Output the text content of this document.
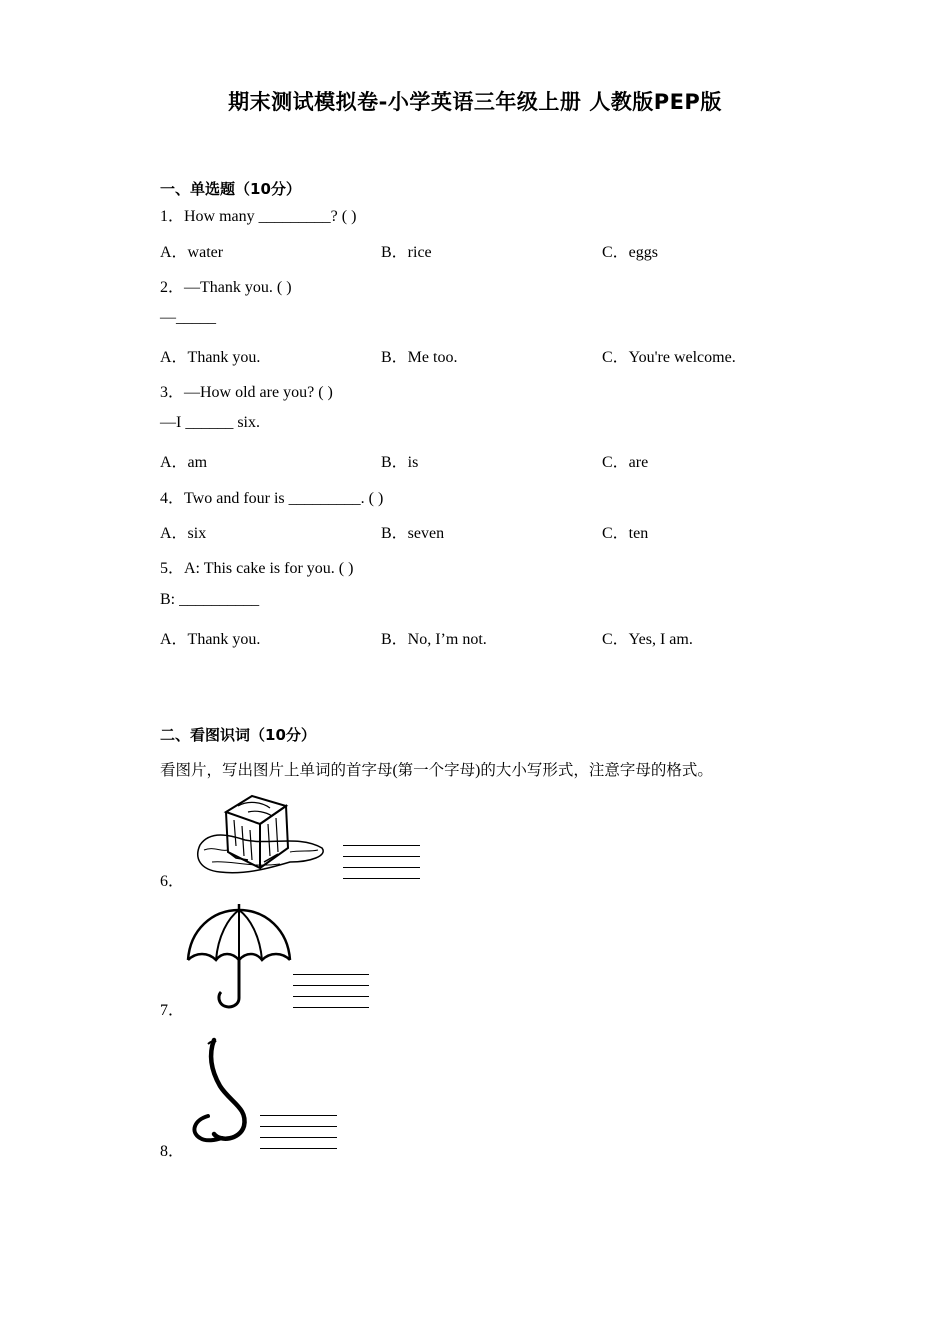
期末测试模拟卷-小学英语三年级上册 人教版PEP版
一、单选题（10分）
1．How many _________? ( )
A．water	B．rice	C．eggs
2．—Thank you. ( )
—_____
A．Thank you.	B．Me too.	C．You're welcome.
3．—How old are you? ( )
—I ______ six.
A．am	B．is	C．are
4．Two and four is _________. ( )
A．six	B．seven	C．ten
5．A: This cake is for you. ( )
B: __________
A．Thank you.	B．No, I’m not.	C．Yes, I am.
二、看图识词（10分）
看图片，写出图片上单词的首字母(第一个字母)的大小写形式，注意字母的格式。
6．
7．
8．
